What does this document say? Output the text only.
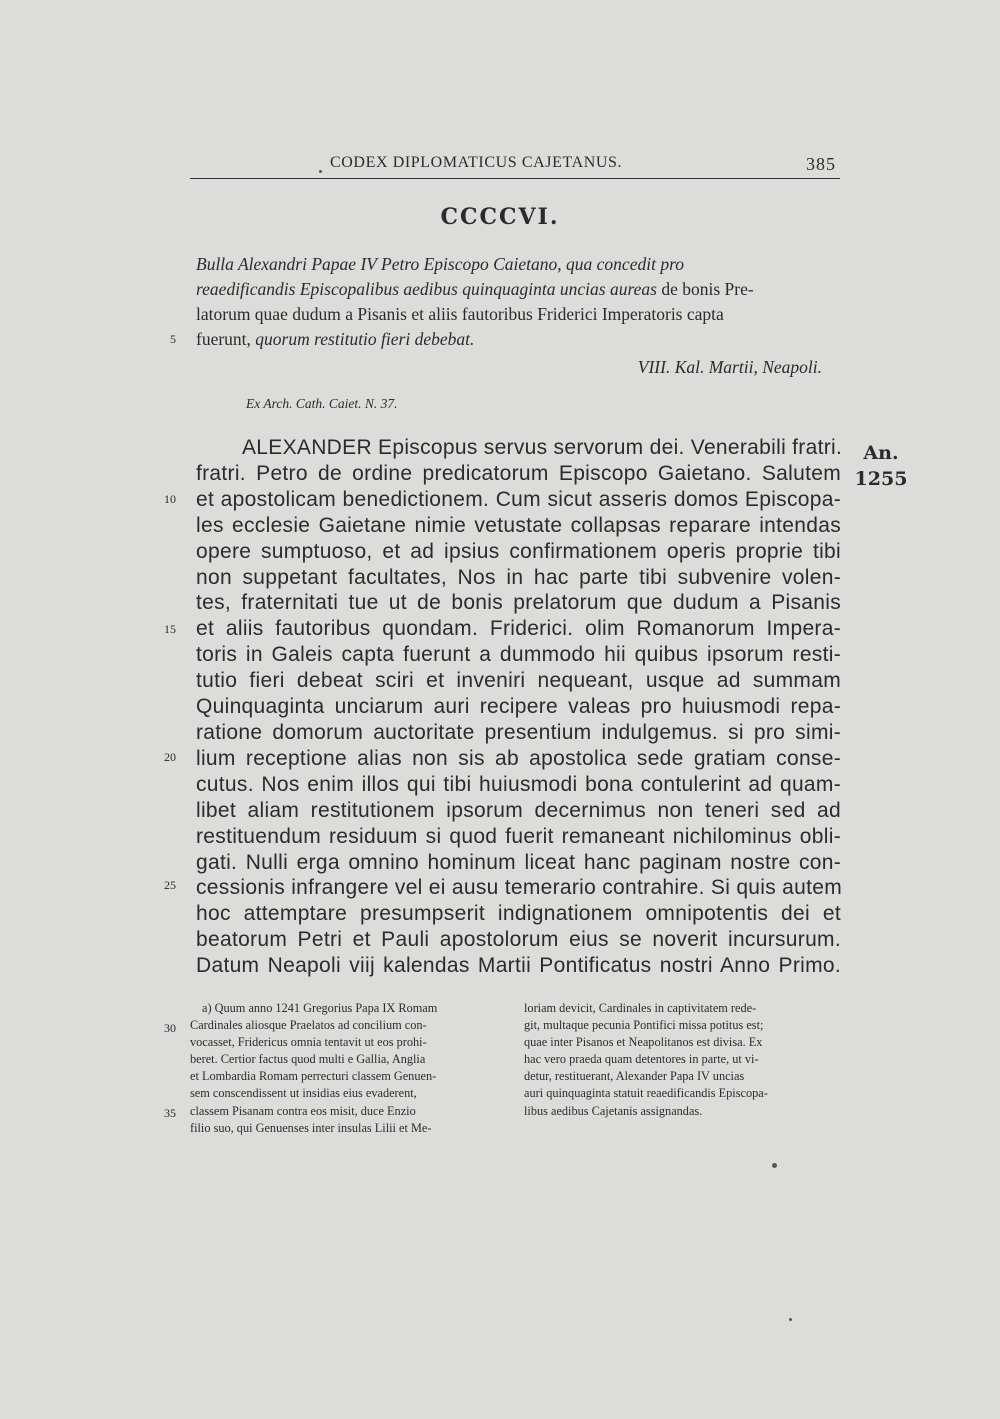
CODEX DIPLOMATICUS CAJETANUS.	385
CCCCVI.
Bulla Alexandri Papae IV Petro Episcopo Caietano, qua concedit pro
reaedificandis Episcopalibus aedibus quinquaginta uncias aureas de bonis Pre-
latorum quae dudum a Pisanis et aliis fautoribus Friderici Imperatoris capta
fuerunt, quorum restitutio fieri debebat.
VIII. Kal. Martii, Neapoli.
Ex Arch. Cath. Caiet. N. 37.
An.
1255
ALEXANDER Episcopus servus servorum dei. Venerabili fratri.
fratri. Petro de ordine predicatorum Episcopo Gaietano. Salutem
et apostolicam benedictionem. Cum sicut asseris domos Episcopa-
les ecclesie Gaietane nimie vetustate collapsas reparare intendas
opere sumptuoso, et ad ipsius confirmationem operis proprie tibi
non suppetant facultates, Nos in hac parte tibi subvenire volen-
tes, fraternitati tue ut de bonis prelatorum que dudum a Pisanis
et aliis fautoribus quondam. Friderici. olim Romanorum Impera-
toris in Galeis capta fuerunt a dummodo hii quibus ipsorum resti-
tutio fieri debeat sciri et inveniri nequeant, usque ad summam
Quinquaginta unciarum auri recipere valeas pro huiusmodi repa-
ratione domorum auctoritate presentium indulgemus. si pro simi-
lium receptione alias non sis ab apostolica sede gratiam conse-
cutus. Nos enim illos qui tibi huiusmodi bona contulerint ad quam-
libet aliam restitutionem ipsorum decernimus non teneri sed ad
restituendum residuum si quod fuerit remaneant nichilominus obli-
gati. Nulli erga omnino hominum liceat hanc paginam nostre con-
cessionis infrangere vel ei ausu temerario contrahire. Si quis autem
hoc attemptare presumpserit indignationem omnipotentis dei et
beatorum Petri et Pauli apostolorum eius se noverit incursurum.
Datum Neapoli viij kalendas Martii Pontificatus nostri Anno Primo.
5
10
15
20
25
30
35
a) Quum anno 1241 Gregorius Papa IX Romam
Cardinales aliosque Praelatos ad concilium con-
vocasset, Fridericus omnia tentavit ut eos prohi-
beret. Certior factus quod multi e Gallia, Anglia
et Lombardia Romam perrecturi classem Genuen-
sem conscendissent ut insidias eius evaderent,
classem Pisanam contra eos misit, duce Enzio
filio suo, qui Genuenses inter insulas Lilii et Me-
loriam devicit, Cardinales in captivitatem rede-
git, multaque pecunia Pontifici missa potitus est;
quae inter Pisanos et Neapolitanos est divisa. Ex
hac vero praeda quam detentores in parte, ut vi-
detur, restituerant, Alexander Papa IV uncias
auri quinquaginta statuit reaedificandis Episcopa-
libus aedibus Cajetanis assignandas.
